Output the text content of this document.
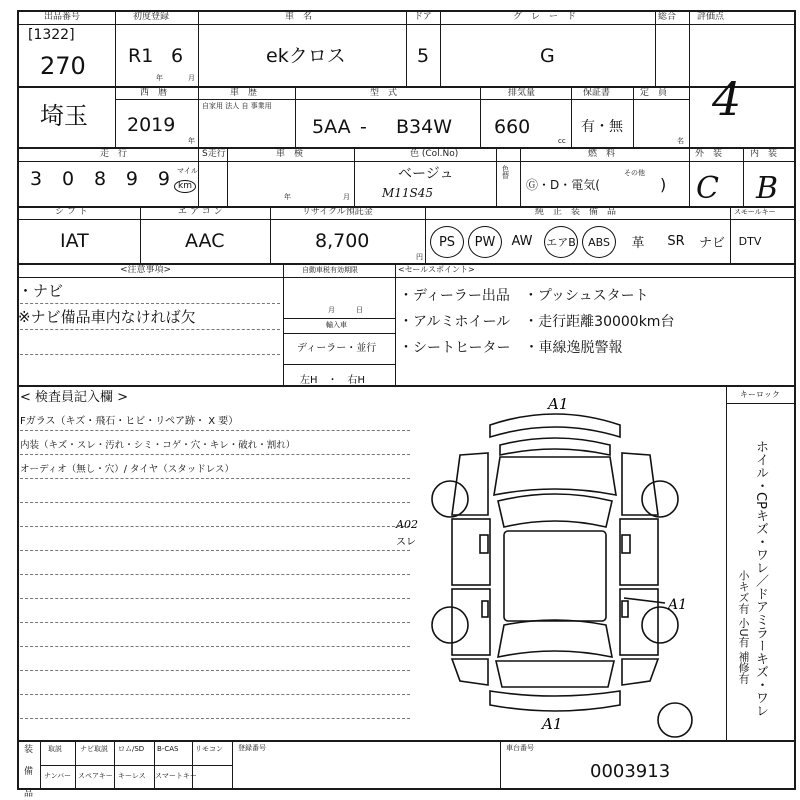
出品番号
[1322]
270
初度登録
R1 6
年	月
車　名
ekクロス
ドア
5
グ　レ　ー　ド
G
総合 評価点
4
埼玉
西　暦
2019
年
車　歴
自家用 法人 自 事業用
型　式
5AA - B34W
排気量
660
cc
保証書
有・無
定　員
名
走　行
3 0 8 9 9 マイル
km
S走行	車　検
年	月
色 (Col.No)
ベージュ
M11S45
色替
燃　料
Ⓖ・D・電気(
その他
)
外　装
C
内　装
B
シ フ ト
IAT
エ ア コ ン
AAC
リサイクル預託金
8,700
円
純　正　装　備　品	スモールキー
PS	PW	AW	エアB	ABS	革	SR	ナビ	DTV
<注意事項>
・ナビ
※ナビ備品車内なければ欠
自動車税有効期限
月	日
輸入車
ディーラー・並行
左H　・　右H
<セールスポイント>
・ディーラー出品　・プッシュスタート
・アルミホイール　・走行距離30000km台
・シートヒーター　・車線逸脱警報
< 検査員記入欄 >
Fガラス（キズ・飛石・ヒビ・リペア跡・ X 要）
内装（キズ・スレ・汚れ・シミ・コゲ・穴・キレ・破れ・割れ）
オーディオ（無し・穴）/ タイヤ（スタッドレス）
キーロック
ホイル・CPキズ・ワレ／ドアミラーキズ・ワレ
小キズ有 小U有 補修有
A1
A1
A1
A02
スレ
装　備　品 取説	ナビ取説 ロム/SD B-CAS リモコン
ナンバー スペアキー キーレス スマートキー
登録番号	車台番号
0003913
